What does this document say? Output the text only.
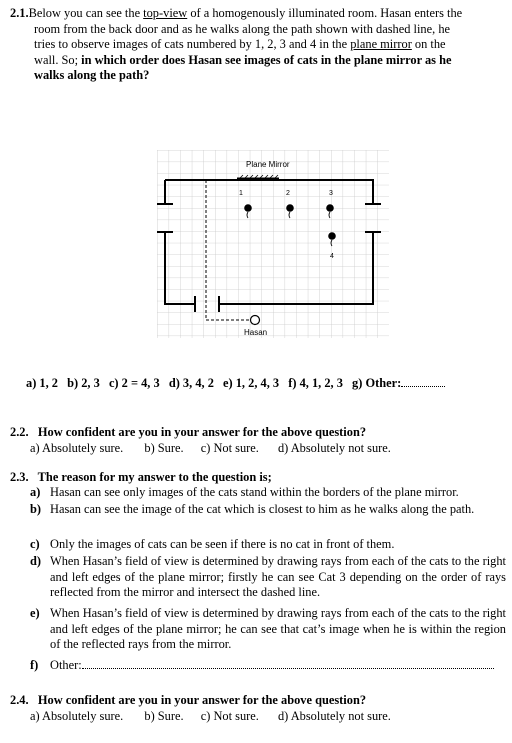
2.1.Below you can see the top-view of a homogenously illuminated room. Hasan enters the
room from the back door and as he walks along the path shown with dashed line, he
tries to observe images of cats numbered by 1, 2, 3 and 4 in the plane mirror on the
wall. So; in which order does Hasan see images of cats in the plane mirror as he
walks along the path?
Plane Mirror
Hasan
1	2	3
4
a) 1, 2 b) 2, 3 c) 2 = 4, 3 d) 3, 4, 2 e) 1, 2, 4, 3 f) 4, 1, 2, 3 g) Other:
2.2. How confident are you in your answer for the above question?
a) Absolutely sure. b) Sure. c) Not sure. d) Absolutely not sure.
2.3. The reason for my answer to the question is;
a) Hasan can see only images of the cats stand within the borders of the plane mirror.
b) Hasan can see the image of the cat which is closest to him as he walks along the path.
c) Only the images of cats can be seen if there is no cat in front of them.
d) When Hasan’s field of view is determined by drawing rays from each of the cats to the right and left edges of the plane mirror; firstly he can see Cat 3 depending on the order of rays reflected from the mirror and intersect the dashed line.
e) When Hasan’s field of view is determined by drawing rays from each of the cats to the right and left edges of the plane mirror; he can see that cat’s image when he is within the region of the reflected rays from the mirror.
f) Other:
2.4. How confident are you in your answer for the above question?
a) Absolutely sure. b) Sure. c) Not sure. d) Absolutely not sure.
